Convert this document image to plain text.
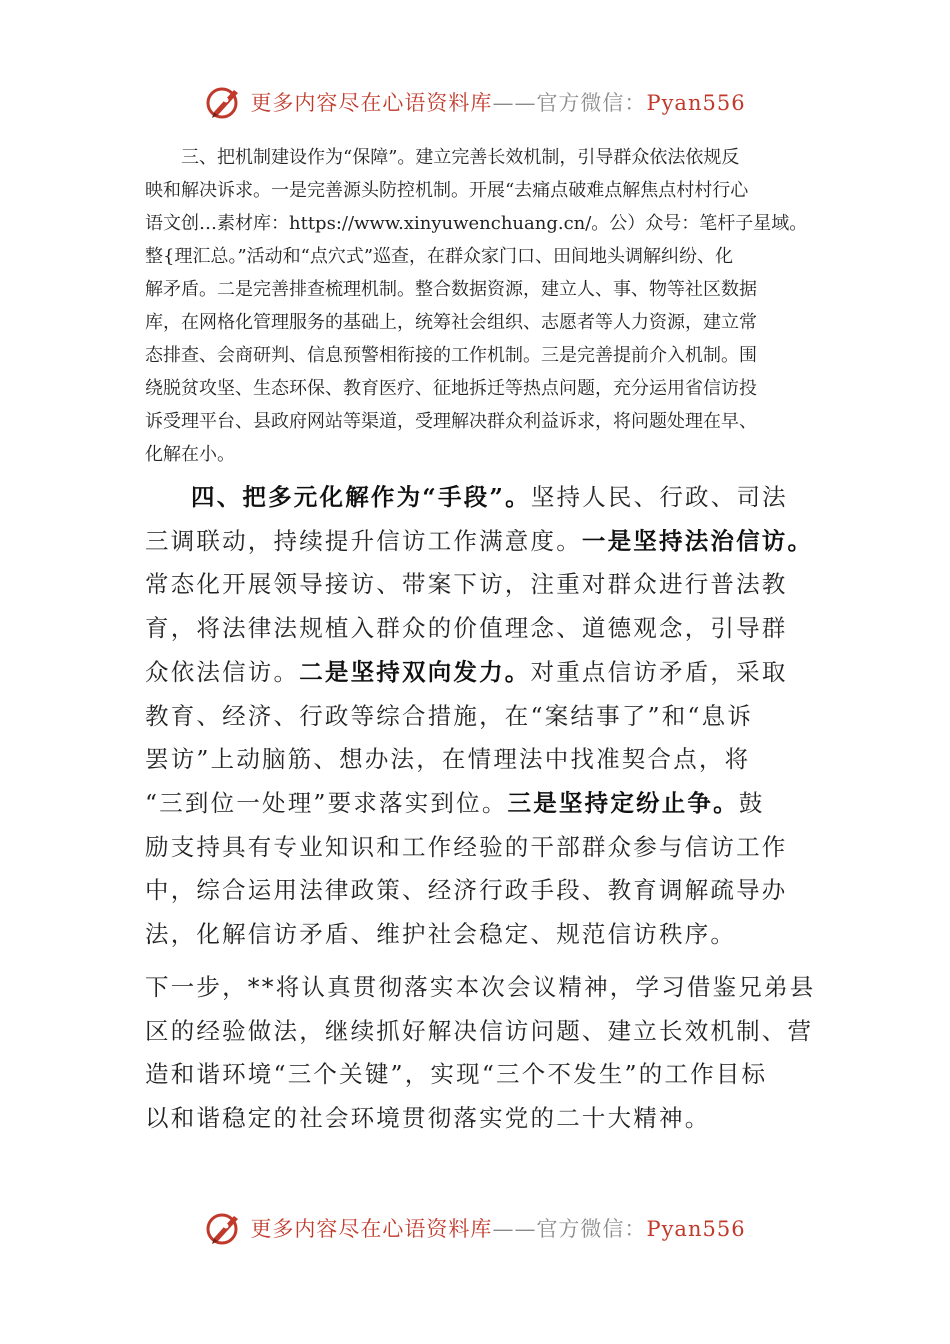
更多内容尽在心语资料库——官方微信：Pyan556
三、把机制建设作为“保障”。建立完善长效机制，引导群众依法依规反
映和解决诉求。一是完善源头防控机制。开展“去痛点破难点解焦点村村行心
语文创…素材库：https://www.xinyuwenchuang.cn/。公）众号：笔杆子星域。
整{理汇总。”活动和“点穴式”巡查，在群众家门口、田间地头调解纠纷、化
解矛盾。二是完善排查梳理机制。整合数据资源，建立人、事、物等社区数据
库，在网格化管理服务的基础上，统筹社会组织、志愿者等人力资源，建立常
态排查、会商研判、信息预警相衔接的工作机制。三是完善提前介入机制。围
绕脱贫攻坚、生态环保、教育医疗、征地拆迁等热点问题，充分运用省信访投
诉受理平台、县政府网站等渠道，受理解决群众利益诉求，将问题处理在早、
化解在小。
四、把多元化解作为“手段”。坚持人民、行政、司法
三调联动，持续提升信访工作满意度。一是坚持法治信访。
常态化开展领导接访、带案下访，注重对群众进行普法教
育，将法律法规植入群众的价值理念、道德观念，引导群
众依法信访。二是坚持双向发力。对重点信访矛盾，采取
教育、经济、行政等综合措施，在“案结事了”和“息诉
罢访”上动脑筋、想办法，在情理法中找准契合点，将
“三到位一处理”要求落实到位。三是坚持定纷止争。鼓
励支持具有专业知识和工作经验的干部群众参与信访工作
中，综合运用法律政策、经济行政手段、教育调解疏导办
法，化解信访矛盾、维护社会稳定、规范信访秩序。
下一步，**将认真贯彻落实本次会议精神，学习借鉴兄弟县
区的经验做法，继续抓好解决信访问题、建立长效机制、营
造和谐环境“三个关键”，实现“三个不发生”的工作目标
以和谐稳定的社会环境贯彻落实党的二十大精神。
更多内容尽在心语资料库——官方微信：Pyan556
